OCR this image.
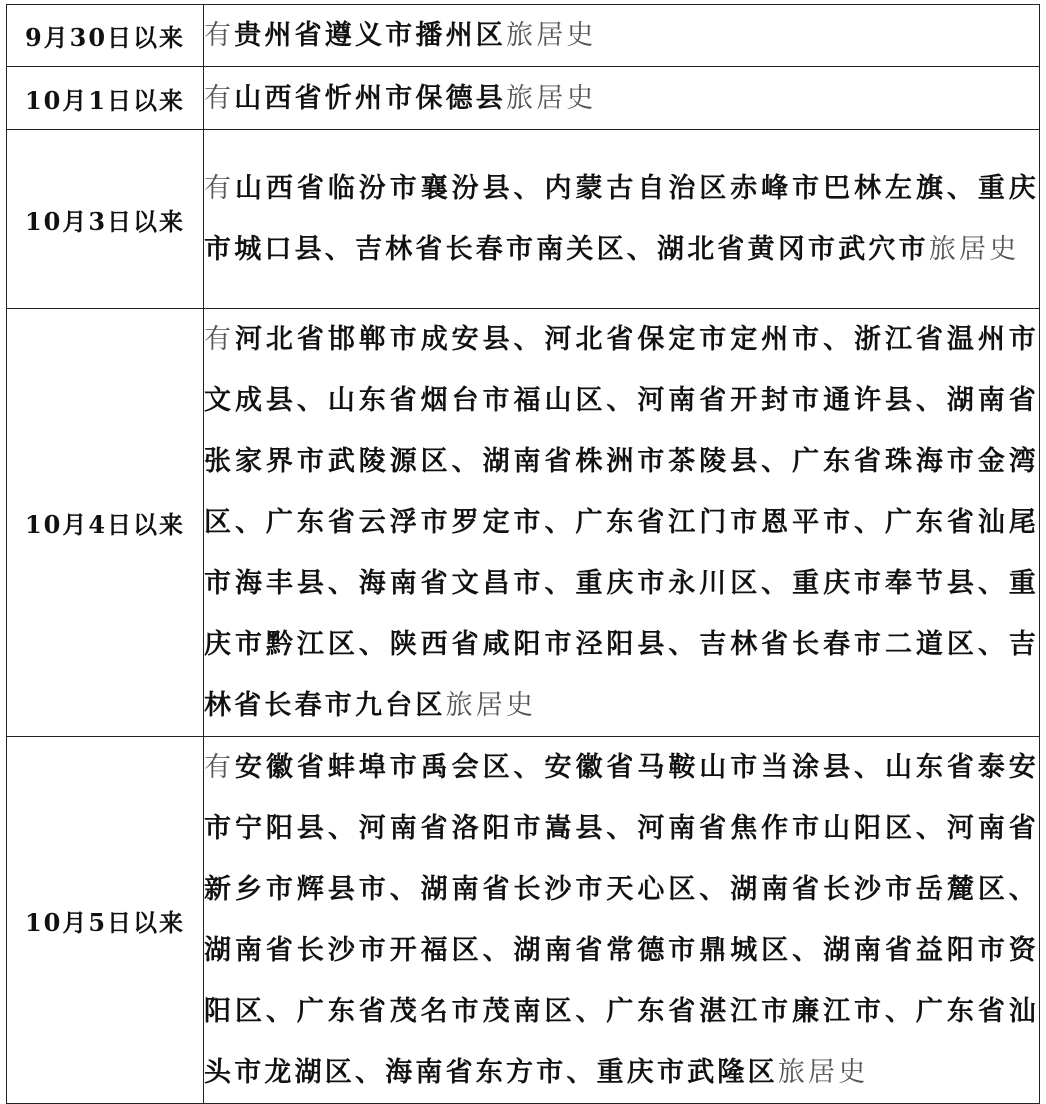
9月30日以来	有贵州省遵义市播州区旅居史
10月1日以来	有山西省忻州市保德县旅居史
10月3日以来	有山西省临汾市襄汾县、内蒙古自治区赤峰市巴林左旗、重庆市城口县、吉林省长春市南关区、湖北省黄冈市武穴市旅居史
10月4日以来	有河北省邯郸市成安县、河北省保定市定州市、浙江省温州市文成县、山东省烟台市福山区、河南省开封市通许县、湖南省张家界市武陵源区、湖南省株洲市茶陵县、广东省珠海市金湾区、广东省云浮市罗定市、广东省江门市恩平市、广东省汕尾市海丰县、海南省文昌市、重庆市永川区、重庆市奉节县、重庆市黔江区、陕西省咸阳市泾阳县、吉林省长春市二道区、吉林省长春市九台区旅居史
10月5日以来	有安徽省蚌埠市禹会区、安徽省马鞍山市当涂县、山东省泰安市宁阳县、河南省洛阳市嵩县、河南省焦作市山阳区、河南省新乡市辉县市、湖南省长沙市天心区、湖南省长沙市岳麓区、湖南省长沙市开福区、湖南省常德市鼎城区、湖南省益阳市资阳区、广东省茂名市茂南区、广东省湛江市廉江市、广东省汕头市龙湖区、海南省东方市、重庆市武隆区旅居史
